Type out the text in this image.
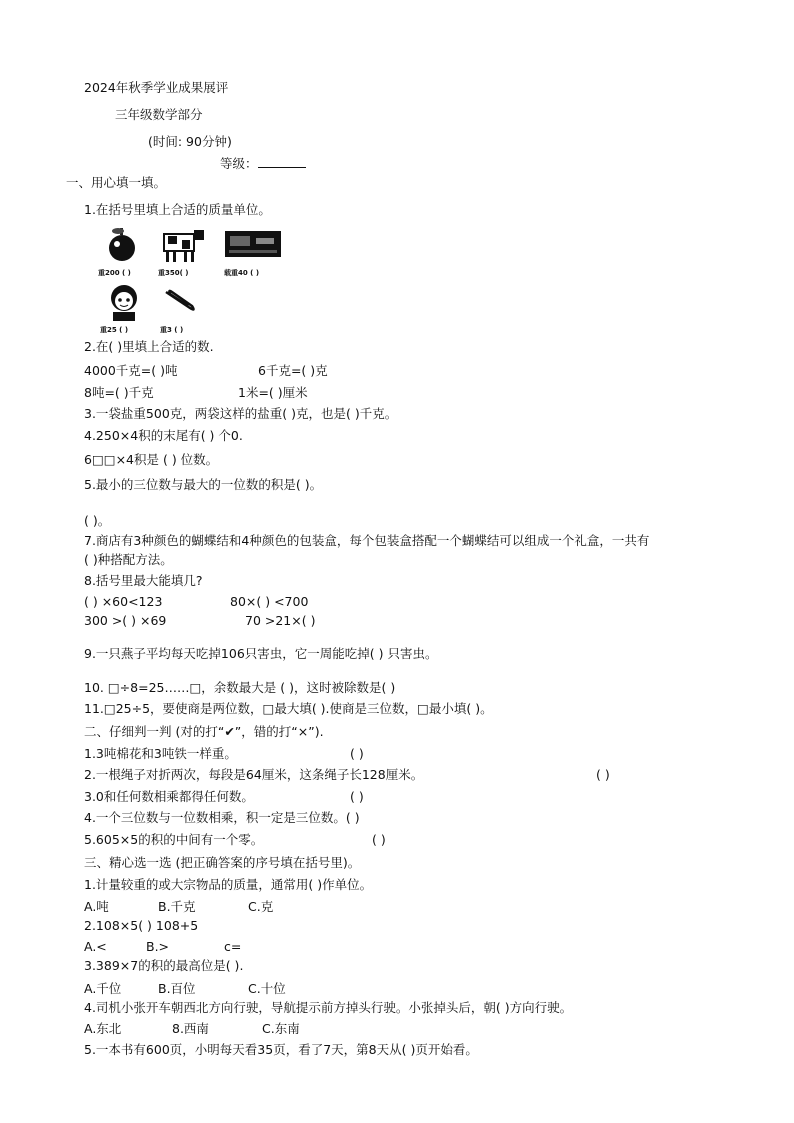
2024年秋季学业成果展评
三年级数学部分
(时间: 90分钟)
等级：
一、用心填一填。
1.在括号里填上合适的质量单位。
重200 ( )	重350( )	载重40 ( )
重25 ( )	重3 ( )
2.在( )里填上合适的数.
4000千克=( )吨	6千克=( )克
8吨=( )千克	1米=( )厘米
3.一袋盐重500克，两袋这样的盐重( )克，也是( )千克。
4.250×4积的末尾有( ) 个0.
6□□×4积是 ( ) 位数。
5.最小的三位数与最大的一位数的积是( )。
( )。
7.商店有3种颜色的蝴蝶结和4种颜色的包装盒，每个包装盒搭配一个蝴蝶结可以组成一个礼盒，一共有
( )种搭配方法。
8.括号里最大能填几?
( ) ×60<123	80×( ) <700
300 >( ) ×69	70 >21×( )
9.一只燕子平均每天吃掉106只害虫，它一周能吃掉( ) 只害虫。
10. □÷8=25……□，余数最大是 ( )，这时被除数是( )
11.□25÷5，要使商是两位数，□最大填( ).使商是三位数，□最小填( )。
二、仔细判一判 (对的打“✔”，错的打“×”).
1.3吨棉花和3吨铁一样重。	( )
2.一根绳子对折两次，每段是64厘米，这条绳子长128厘米。	( )
3.0和任何数相乘都得任何数。	( )
4.一个三位数与一位数相乘，积一定是三位数。( )
5.605×5的积的中间有一个零。	( )
三、精心选一选 (把正确答案的序号填在括号里)。
1.计量较重的或大宗物品的质量，通常用( )作单位。
A.吨	B.千克	C.克
2.108×5( ) 108+5
A.<	B.>	c=
3.389×7的积的最高位是( ).
A.千位	B.百位	C.十位
4.司机小张开车朝西北方向行驶，导航提示前方掉头行驶。小张掉头后，朝( )方向行驶。
A.东北	8.西南	C.东南
5.一本书有600页，小明每天看35页，看了7天，第8天从( )页开始看。
